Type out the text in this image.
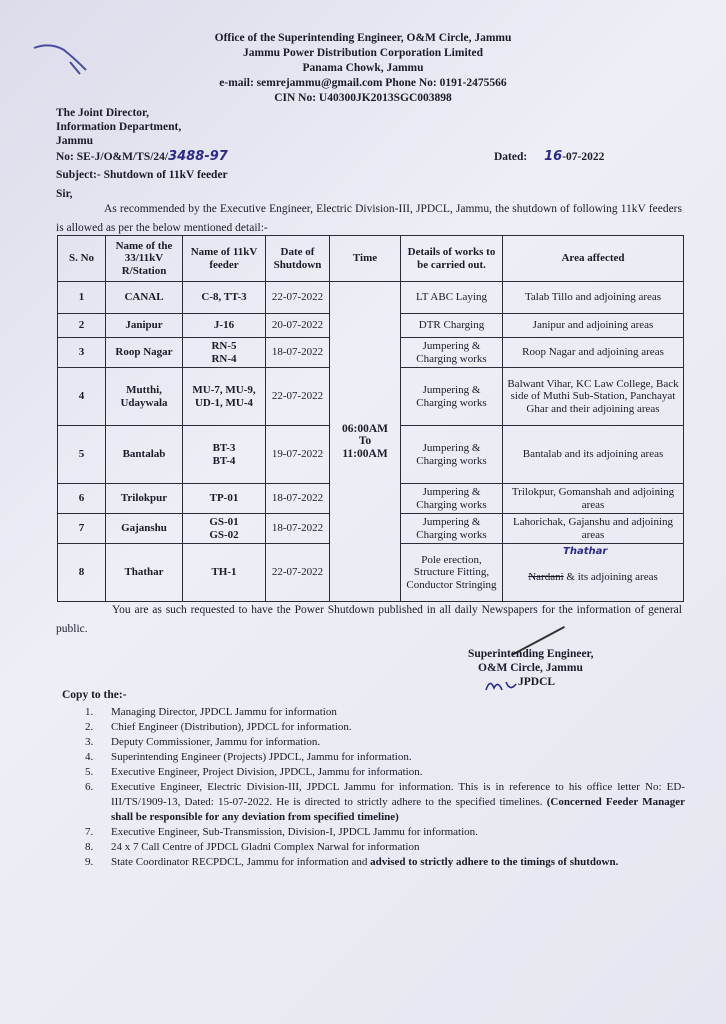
Office of the Superintending Engineer, O&M Circle, Jammu
Jammu Power Distribution Corporation Limited
Panama Chowk, Jammu
e-mail: semrejammu@gmail.com Phone No: 0191-2475566
CIN No: U40300JK2013SGC003898
The Joint Director,
Information Department,
Jammu
No: SE-J/O&M/TS/24/3488-97	Dated: 16-07-2022
Subject:- Shutdown of 11kV feeder
Sir,
As recommended by the Executive Engineer, Electric Division-III, JPDCL, Jammu, the shutdown of following 11kV feeders is allowed as per the below mentioned detail:-
S. No	Name of the 33/11kV R/Station	Name of 11kV feeder	Date of Shutdown	Time	Details of works to be carried out.	Area affected
1	CANAL	C-8, TT-3	22-07-2022	06:00AM To 11:00AM	LT ABC Laying	Talab Tillo and adjoining areas
2	Janipur	J-16	20-07-2022		DTR Charging	Janipur and adjoining areas
3	Roop Nagar	RN-5 RN-4	18-07-2022		Jumpering & Charging works	Roop Nagar and adjoining areas
4	Mutthi, Udaywala	MU-7, MU-9, UD-1, MU-4	22-07-2022		Jumpering & Charging works	Balwant Vihar, KC Law College, Back side of Muthi Sub-Station, Panchayat Ghar and their adjoining areas
5	Bantalab	BT-3 BT-4	19-07-2022		Jumpering & Charging works	Bantalab and its adjoining areas
6	Trilokpur	TP-01	18-07-2022		Jumpering & Charging works	Trilokpur, Gomanshah and adjoining areas
7	Gajanshu	GS-01 GS-02	18-07-2022		Jumpering & Charging works	Lahorichak, Gajanshu and adjoining areas
8	Thathar	TH-1	22-07-2022		Pole erection, Structure Fitting, Conductor Stringing	Thathar
Nardani & its adjoining areas
You are as such requested to have the Power Shutdown published in all daily Newspapers for the information of general public.
Superintending Engineer,
O&M Circle, Jammu
JPDCL
Copy to the:-
1. Managing Director, JPDCL Jammu for information
2. Chief Engineer (Distribution), JPDCL for information.
3. Deputy Commissioner, Jammu for information.
4. Superintending Engineer (Projects) JPDCL, Jammu for information.
5. Executive Engineer, Project Division, JPDCL, Jammu for information.
6. Executive Engineer, Electric Division-III, JPDCL Jammu for information. This is in reference to his office letter No: ED-III/TS/1909-13, Dated: 15-07-2022. He is directed to strictly adhere to the specified timelines. (Concerned Feeder Manager shall be responsible for any deviation from specified timeline)
7. Executive Engineer, Sub-Transmission, Division-I, JPDCL Jammu for information.
8. 24 x 7 Call Centre of JPDCL Gladni Complex Narwal for information
9. State Coordinator RECPDCL, Jammu for information and advised to strictly adhere to the timings of shutdown.
